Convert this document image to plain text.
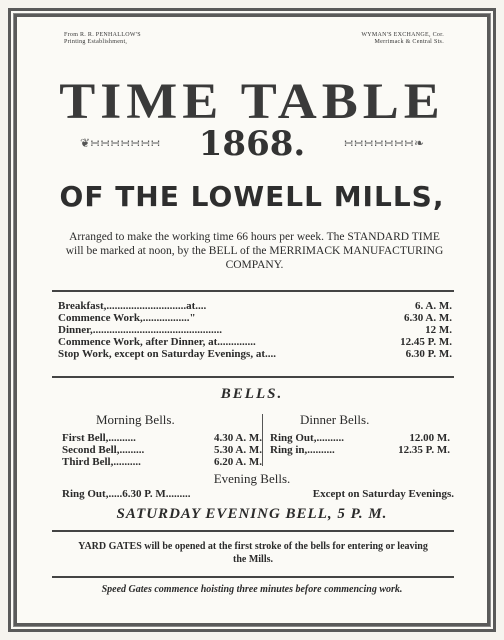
From R. R. PENHALLOW'S
Printing Establishment,
WYMAN'S EXCHANGE, Cor.
Merrimack & Central Sts.
TIME TABLE
❦∺∺∺∺∺∺∺	1868.	∺∺∺∺∺∺∺❧
OF THE LOWELL MILLS,
Arranged to make the working time 66 hours per week. The STANDARD TIME will be marked at noon, by the BELL of the MERRIMACK MANUFACTURING COMPANY.
Breakfast,.............................at....	6. A. M.
Commence Work,................."	6.30 A. M.
Dinner,...............................................	12 M.
Commence Work, after Dinner, at..............	12.45 P. M.
Stop Work, except on Saturday Evenings, at....	6.30 P. M.
BELLS.
Morning Bells.	Dinner Bells.
First Bell,..........	4.30 A. M.
Second Bell,.........	5.30 A. M.
Third Bell,..........	6.20 A. M.
Ring Out,..........	12.00 M.
Ring in,..........	12.35 P. M.
Evening Bells.
Ring Out,.....6.30 P. M.........	Except on Saturday Evenings.
SATURDAY EVENING BELL, 5 P. M.
YARD GATES will be opened at the first stroke of the bells for entering or leaving the Mills.
Speed Gates commence hoisting three minutes before commencing work.
